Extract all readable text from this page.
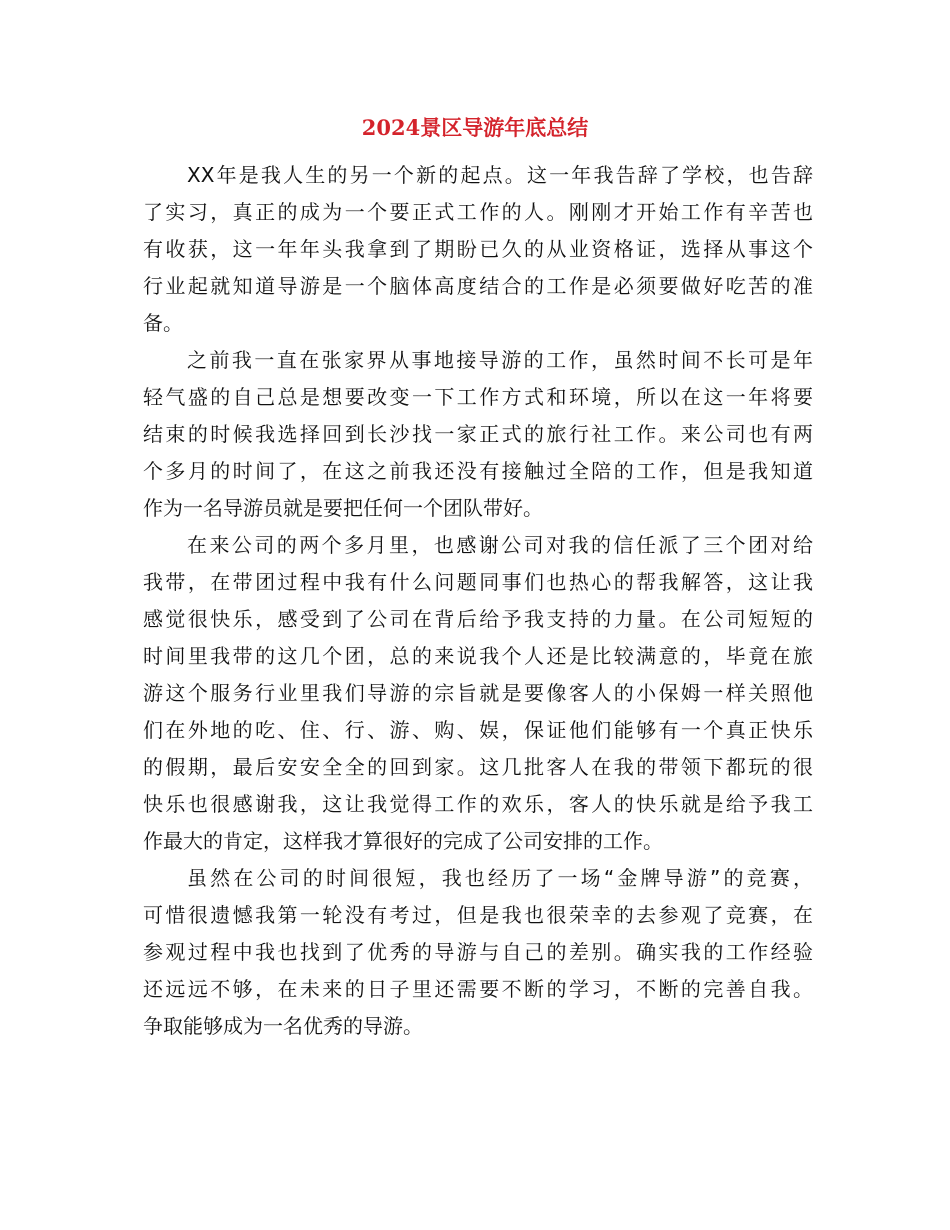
2024景区导游年底总结

XX年是我人生的另一个新的起点。这一年我告辞了学校，也告辞
了实习，真正的成为一个要正式工作的人。刚刚才开始工作有辛苦也
有收获，这一年年头我拿到了期盼已久的从业资格证，选择从事这个
行业起就知道导游是一个脑体高度结合的工作是必须要做好吃苦的准
备。

之前我一直在张家界从事地接导游的工作，虽然时间不长可是年
轻气盛的自己总是想要改变一下工作方式和环境，所以在这一年将要
结束的时候我选择回到长沙找一家正式的旅行社工作。来公司也有两
个多月的时间了，在这之前我还没有接触过全陪的工作，但是我知道
作为一名导游员就是要把任何一个团队带好。

在来公司的两个多月里，也感谢公司对我的信任派了三个团对给
我带，在带团过程中我有什么问题同事们也热心的帮我解答，这让我
感觉很快乐，感受到了公司在背后给予我支持的力量。在公司短短的
时间里我带的这几个团，总的来说我个人还是比较满意的，毕竟在旅
游这个服务行业里我们导游的宗旨就是要像客人的小保姆一样关照他
们在外地的吃、住、行、游、购、娱，保证他们能够有一个真正快乐
的假期，最后安安全全的回到家。这几批客人在我的带领下都玩的很
快乐也很感谢我，这让我觉得工作的欢乐，客人的快乐就是给予我工
作最大的肯定，这样我才算很好的完成了公司安排的工作。

虽然在公司的时间很短，我也经历了一场“金牌导游”的竞赛，
可惜很遗憾我第一轮没有考过，但是我也很荣幸的去参观了竞赛，在
参观过程中我也找到了优秀的导游与自己的差别。确实我的工作经验
还远远不够，在未来的日子里还需要不断的学习，不断的完善自我。
争取能够成为一名优秀的导游。
